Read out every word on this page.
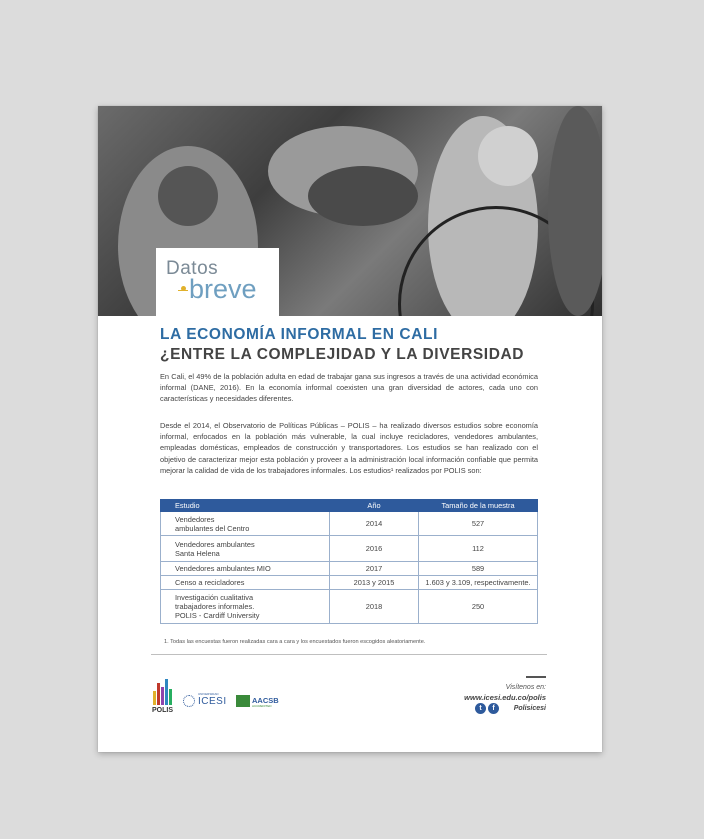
Datos
breve
LA ECONOMÍA INFORMAL EN CALI
¿ENTRE LA COMPLEJIDAD Y LA DIVERSIDAD
En Cali, el 49% de la población adulta en edad de trabajar gana sus ingresos a través de una actividad económica informal (DANE, 2016). En la economía informal coexisten una gran diversidad de actores, cada uno con características y necesidades diferentes.
Desde el 2014, el Observatorio de Políticas Públicas – POLIS – ha realizado diversos estudios sobre economía informal, enfocados en la población más vulnerable, la cual incluye recicladores, vendedores ambulantes, empleadas domésticas, empleados de construcción y transportadores. Los estudios se han realizado con el objetivo de caracterizar mejor esta población y proveer a la administración local información confiable que permita mejorar la calidad de vida de los trabajadores informales. Los estudios¹ realizados por POLIS son:
Estudio	Año	Tamaño de la muestra
Vendedores
ambulantes del Centro	2014	527
Vendedores ambulantes
Santa Helena	2016	112
Vendedores ambulantes MIO	2017	589
Censo a recicladores	2013 y 2015	1.603 y 3.109, respectivamente.
Investigación cualitativa
trabajadores informales.
POLIS - Cardiff University	2018	250
1. Todas las encuestas fueron realizadas cara a cara y los encuestados fueron escogidos aleatoriamente.
POLIS
UNIVERSIDAD
ICESI	AACSB
ACCREDITED
Visítenos en:
www.icesi.edu.co/polis
t	f	Polisicesi
